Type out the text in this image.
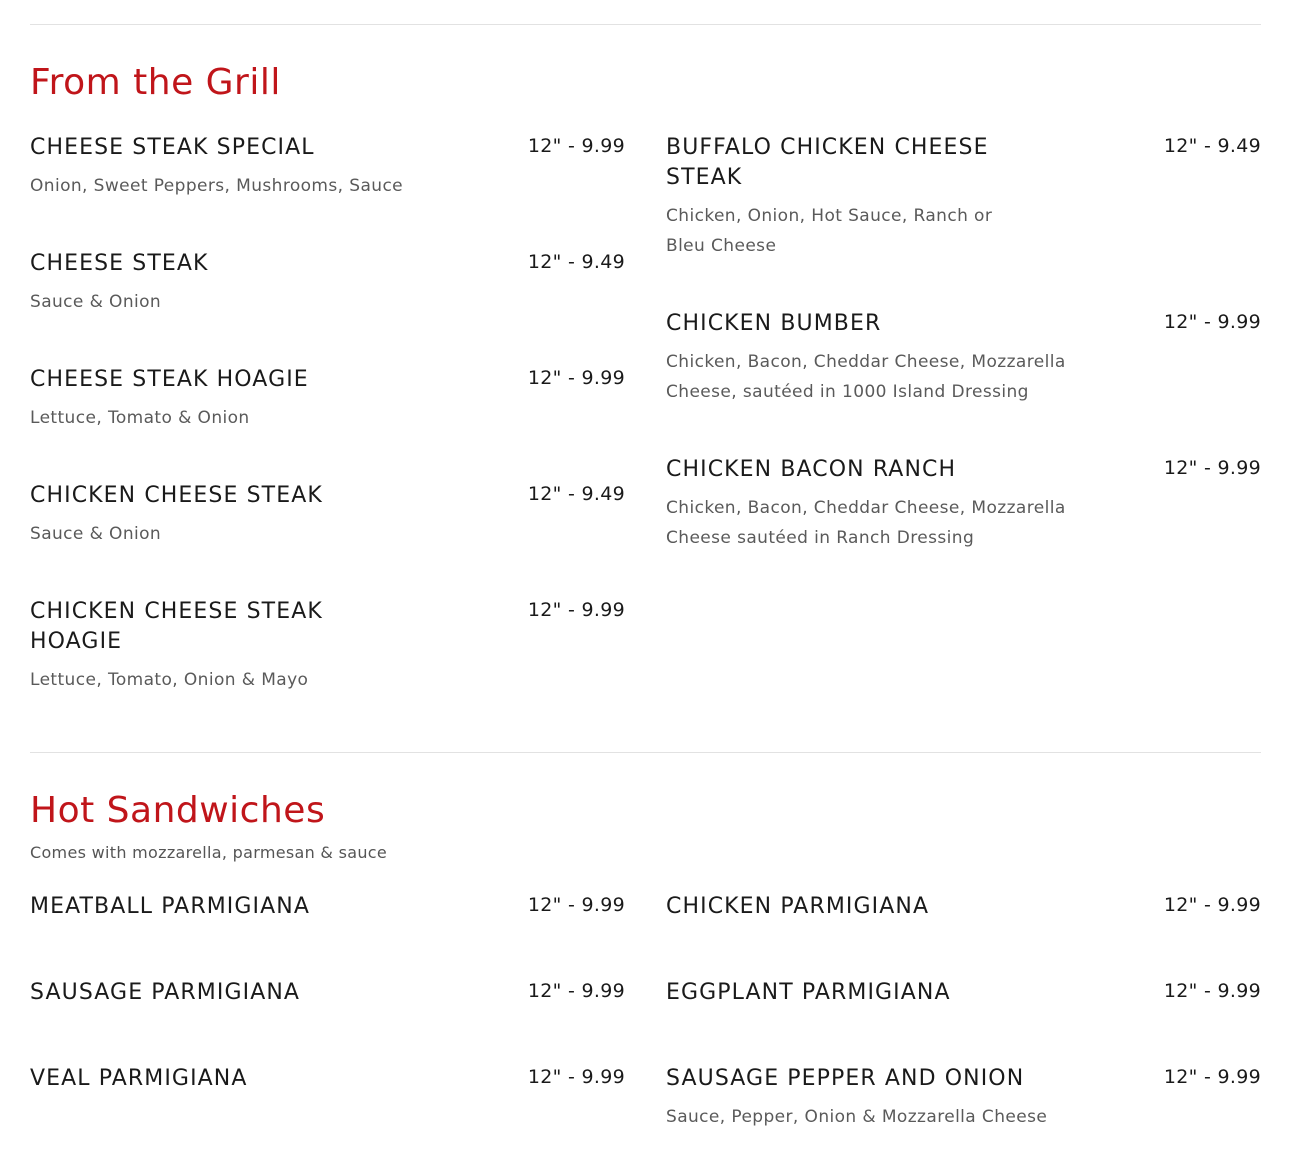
From the Grill
CHEESE STEAK SPECIAL	12" - 9.99
Onion, Sweet Peppers, Mushrooms, Sauce
CHEESE STEAK	12" - 9.49
Sauce & Onion
CHEESE STEAK HOAGIE	12" - 9.99
Lettuce, Tomato & Onion
CHICKEN CHEESE STEAK	12" - 9.49
Sauce & Onion
CHICKEN CHEESE STEAK HOAGIE
12" - 9.99
Lettuce, Tomato, Onion & Mayo
BUFFALO CHICKEN CHEESE STEAK
12" - 9.49
Chicken, Onion, Hot Sauce, Ranch or Bleu Cheese
CHICKEN BUMBER	12" - 9.99
Chicken, Bacon, Cheddar Cheese, Mozzarella Cheese, sautéed in 1000 Island Dressing
CHICKEN BACON RANCH	12" - 9.99
Chicken, Bacon, Cheddar Cheese, Mozzarella Cheese sautéed in Ranch Dressing
Hot Sandwiches
Comes with mozzarella, parmesan & sauce
MEATBALL PARMIGIANA	12" - 9.99
SAUSAGE PARMIGIANA	12" - 9.99
VEAL PARMIGIANA	12" - 9.99
CHICKEN PARMIGIANA	12" - 9.99
EGGPLANT PARMIGIANA	12" - 9.99
SAUSAGE PEPPER AND ONION	12" - 9.99
Sauce, Pepper, Onion & Mozzarella Cheese
